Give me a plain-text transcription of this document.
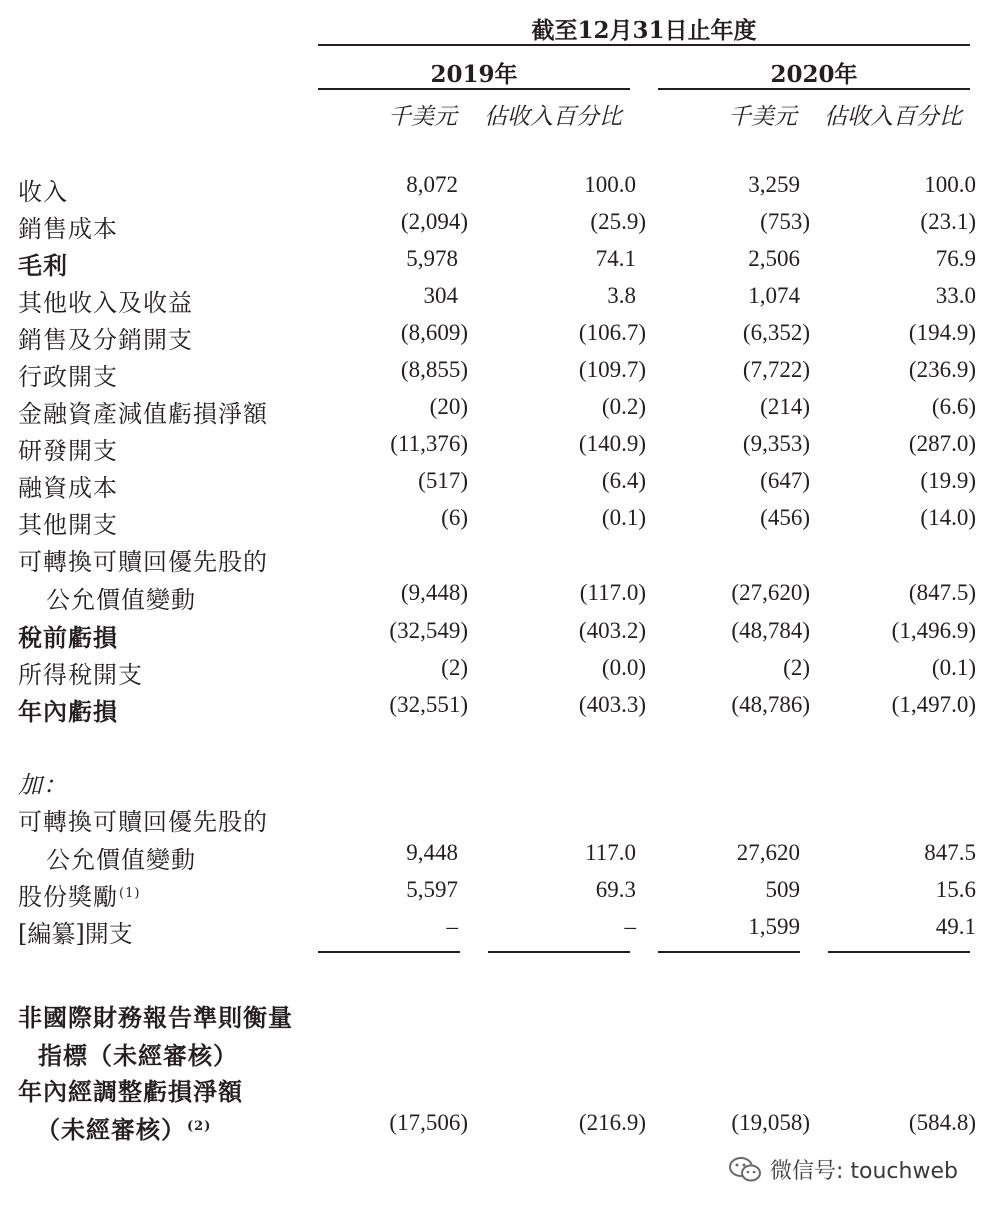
截至12月31日止年度
2019年	2020年
千美元 佔收入百分比	千美元 佔收入百分比
收入	8,072	100.0	3,259	100.0
銷售成本	(2,094)	(25.9)	(753)	(23.1)
毛利	5,978	74.1	2,506	76.9
其他收入及收益	304	3.8	1,074	33.0
銷售及分銷開支	(8,609)	(106.7)	(6,352)	(194.9)
行政開支	(8,855)	(109.7)	(7,722)	(236.9)
金融資產減值虧損淨額	(20)	(0.2)	(214)	(6.6)
研發開支	(11,376)	(140.9)	(9,353)	(287.0)
融資成本	(517)	(6.4)	(647)	(19.9)
其他開支	(6)	(0.1)	(456)	(14.0)
可轉換可贖回優先股的
公允價值變動	(9,448)	(117.0)	(27,620)	(847.5)
稅前虧損	(32,549)	(403.2)	(48,784)	(1,496.9)
所得稅開支	(2)	(0.0)	(2)	(0.1)
年內虧損	(32,551)	(403.3)	(48,786)	(1,497.0)
加：
可轉換可贖回優先股的
公允價值變動	9,448	117.0	27,620	847.5
股份獎勵$^{(1)}$	5,597	69.3	509	15.6
[編纂]開支	–	–	1,599	49.1
非國際財務報告準則衡量
指標（未經審核）
年內經調整虧損淨額
（未經審核）$^{(2)}$	(17,506)	(216.9)	(19,058)	(584.8)
微信号: touchweb
